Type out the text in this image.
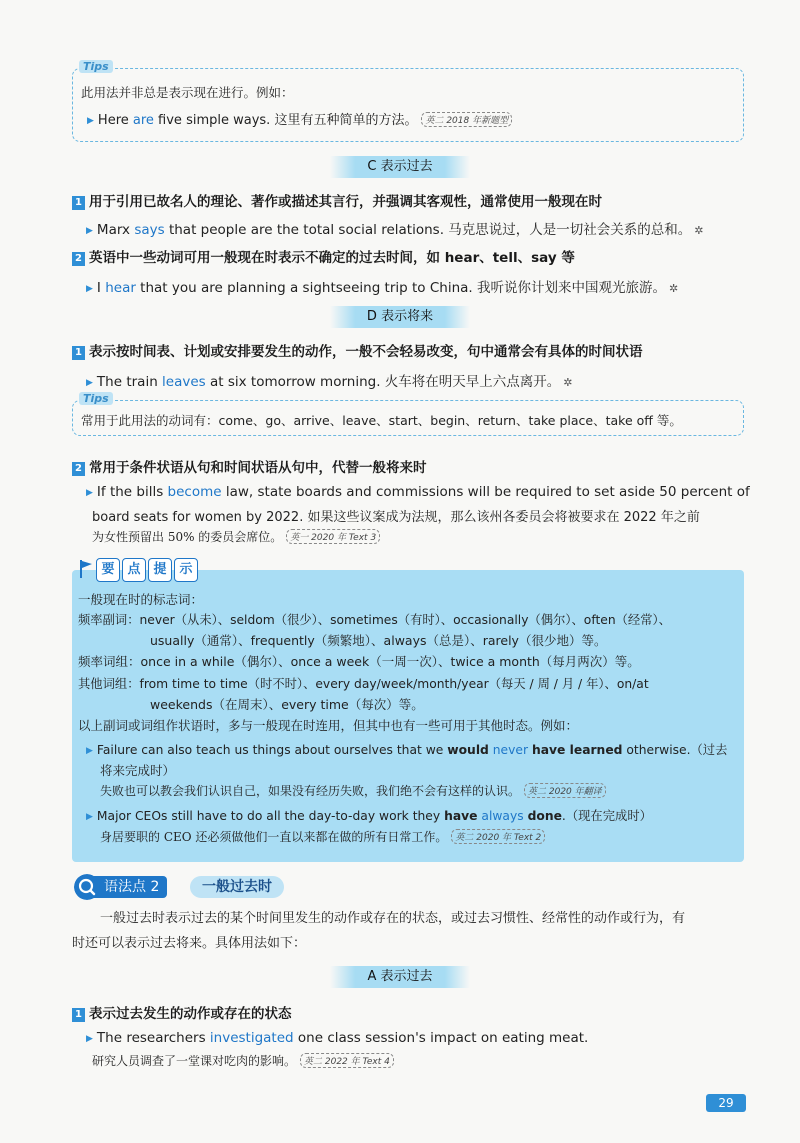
Tips
此用法并非总是表示现在进行。例如：
▶ Here are five simple ways. 这里有五种简单的方法。 英二 2018 年新题型
C 表示过去
1 用于引用已故名人的理论、著作或描述其言行，并强调其客观性，通常使用一般现在时
▶ Marx says that people are the total social relations. 马克思说过，人是一切社会关系的总和。 ✲
2 英语中一些动词可用一般现在时表示不确定的过去时间，如 hear、tell、say 等
▶ I hear that you are planning a sightseeing trip to China. 我听说你计划来中国观光旅游。 ✲
D 表示将来
1 表示按时间表、计划或安排要发生的动作，一般不会轻易改变，句中通常会有具体的时间状语
▶ The train leaves at six tomorrow morning. 火车将在明天早上六点离开。 ✲
Tips
常用于此用法的动词有：come、go、arrive、leave、start、begin、return、take place、take off 等。
2 常用于条件状语从句和时间状语从句中，代替一般将来时
▶ If the bills become law, state boards and commissions will be required to set aside 50 percent of
board seats for women by 2022. 如果这些议案成为法规，那么该州各委员会将被要求在 2022 年之前
为女性预留出 50% 的委员会席位。 英一 2020 年 Text 3
要 点 提 示
一般现在时的标志词：
频率副词：never（从未）、seldom（很少）、sometimes（有时）、occasionally（偶尔）、often（经常）、
usually（通常）、frequently（频繁地）、always（总是）、rarely（很少地）等。
频率词组：once in a while（偶尔）、once a week（一周一次）、twice a month（每月两次）等。
其他词组：from time to time（时不时）、every day/week/month/year（每天 / 周 / 月 / 年）、on/at
weekends（在周末）、every time（每次）等。
以上副词或词组作状语时，多与一般现在时连用，但其中也有一些可用于其他时态。例如：
▶ Failure can also teach us things about ourselves that we would never have learned otherwise.（过去
将来完成时）
失败也可以教会我们认识自己，如果没有经历失败，我们绝不会有这样的认识。 英二 2020 年翻译
▶ Major CEOs still have to do all the day-to-day work they have always done.（现在完成时）
身居要职的 CEO 还必须做他们一直以来都在做的所有日常工作。 英二 2020 年 Text 2
语法点 2	一般过去时
一般过去时表示过去的某个时间里发生的动作或存在的状态，或过去习惯性、经常性的动作或行为，有

时还可以表示过去将来。具体用法如下：
A 表示过去
1 表示过去发生的动作或存在的状态
▶ The researchers investigated one class session's impact on eating meat.
研究人员调查了一堂课对吃肉的影响。 英二 2022 年 Text 4
29
